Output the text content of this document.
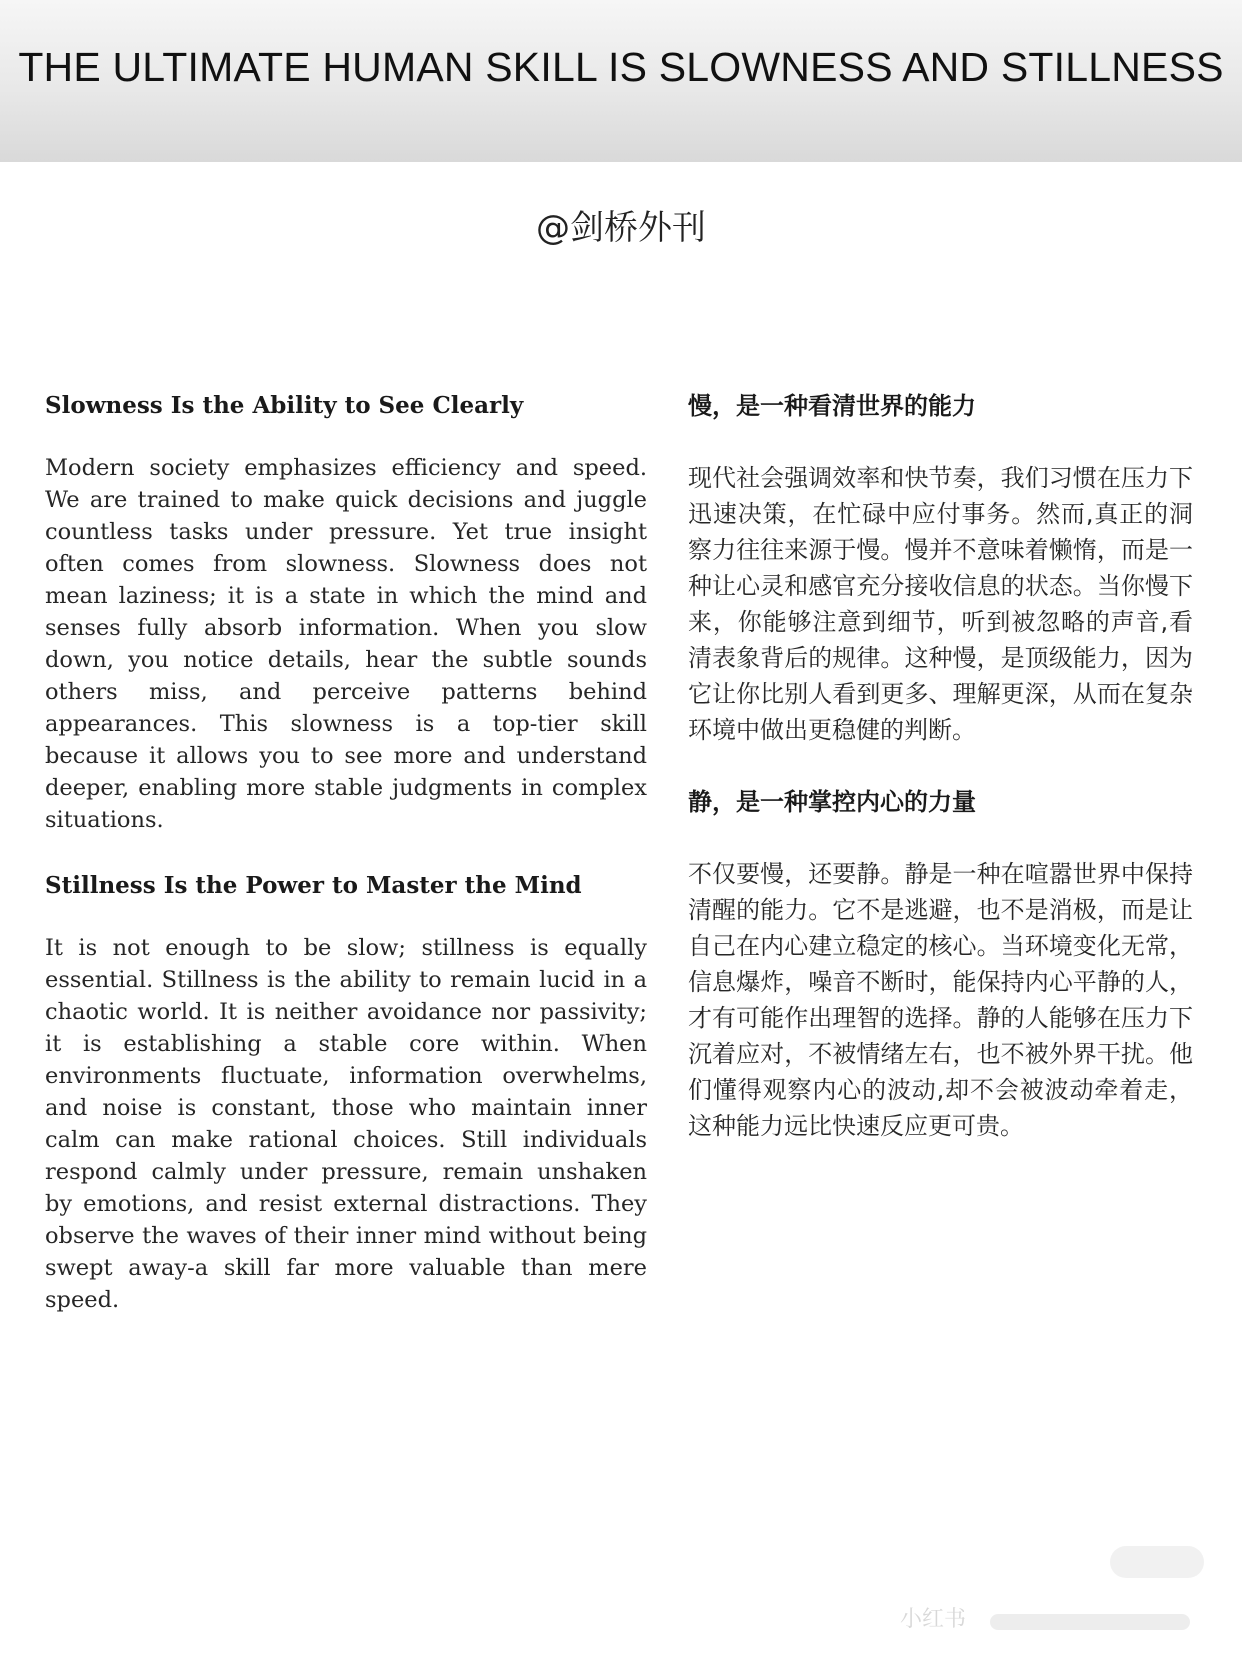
THE ULTIMATE HUMAN SKILL IS SLOWNESS AND STILLNESS
@剑桥外刊
Slowness Is the Ability to See Clearly

Modern society emphasizes efficiency and speed. We are trained to make quick decisions and juggle countless tasks under pressure. Yet true insight often comes from slowness. Slowness does not mean laziness; it is a state in which the mind and senses fully absorb information. When you slow down, you notice details, hear the subtle sounds others miss, and perceive patterns behind appearances. This slowness is a top-tier skill because it allows you to see more and understand deeper, enabling more stable judgments in complex situations.

Stillness Is the Power to Master the Mind

It is not enough to be slow; stillness is equally essential. Stillness is the ability to remain lucid in a chaotic world. It is neither avoidance nor passivity; it is establishing a stable core within. When environments fluctuate, information overwhelms, and noise is constant, those who maintain inner calm can make rational choices. Still individuals respond calmly under pressure, remain unshaken by emotions, and resist external distractions. They observe the waves of their inner mind without being swept away-a skill far more valuable than mere speed.

慢，是一种看清世界的能力

现代社会强调效率和快节奏，我们习惯在压力下迅速决策，在忙碌中应付事务。然而,真正的洞察力往往来源于慢。慢并不意味着懒惰，而是一种让心灵和感官充分接收信息的状态。当你慢下来，你能够注意到细节，听到被忽略的声音,看清表象背后的规律。这种慢，是顶级能力，因为它让你比别人看到更多、理解更深，从而在复杂环境中做出更稳健的判断。

静，是一种掌控内心的力量

不仅要慢，还要静。静是一种在喧嚣世界中保持清醒的能力。它不是逃避，也不是消极，而是让自己在内心建立稳定的核心。当环境变化无常，信息爆炸，噪音不断时，能保持内心平静的人，才有可能作出理智的选择。静的人能够在压力下沉着应对，不被情绪左右，也不被外界干扰。他们懂得观察内心的波动,却不会被波动牵着走，这种能力远比快速反应更可贵。

小红书
